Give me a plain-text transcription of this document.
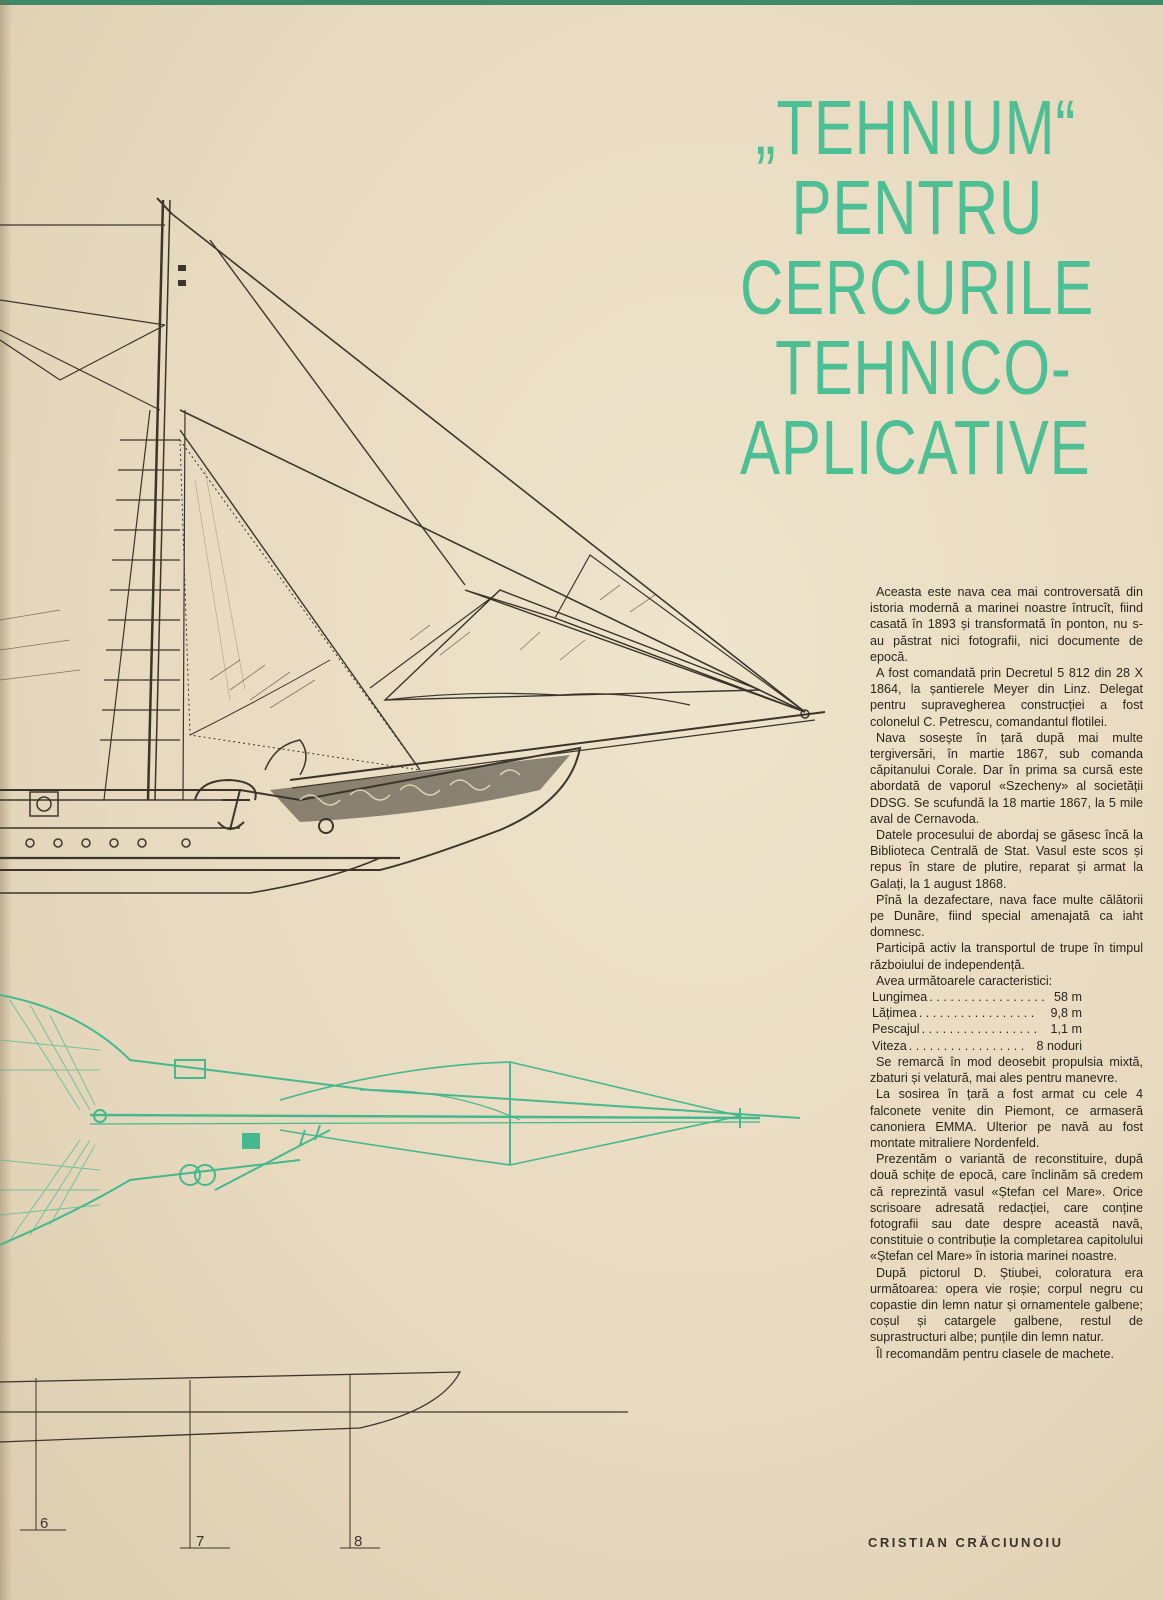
6
7	8
„TEHNIUM“
PENTRU
CERCURILE
TEHNICO-
APLICATIVE

Aceasta este nava cea mai controversată din istoria modernă a marinei noastre întrucît, fiind casată în 1893 și transformată în ponton, nu s-au păstrat nici fotografii, nici documente de epocă.

A fost comandată prin Decretul 5 812 din 28 X 1864, la șantierele Meyer din Linz. Delegat pentru supravegherea construcției a fost colonelul C. Petrescu, comandantul flotilei.

Nava sosește în țară după mai multe tergiversări, în martie 1867, sub comanda căpitanului Corale. Dar în prima sa cursă este abordată de vaporul «Szecheny» al societății DDSG. Se scufundă la 18 martie 1867, la 5 mile aval de Cernavoda.

Datele procesului de abordaj se găsesc încă la Biblioteca Centrală de Stat. Vasul este scos și repus în stare de plutire, reparat și armat la Galați, la 1 august 1868.

Pînă la dezafectare, nava face multe călătorii pe Dunăre, fiind special amenajată ca iaht domnesc.

Participă activ la transportul de trupe în timpul războiului de independență.

Avea următoarele caracteristici:

Lungimea . . . . . . . . . . . . . . . . . 58 m
Lățimea . . . . . . . . . . . . . . . . .	9,8 m
Pescajul . . . . . . . . . . . . . . . . .	1,1 m
Viteza . . . . . . . . . . . . . . . . . 8 noduri

Se remarcă în mod deosebit propulsia mixtă, zbaturi și velatură, mai ales pentru manevre.

La sosirea în țară a fost armat cu cele 4 falconete venite din Piemont, ce armaseră canoniera EMMA. Ulterior pe navă au fost montate mitraliere Nordenfeld.

Prezentăm o variantă de reconstituire, după două schițe de epocă, care înclinăm să credem că reprezintă vasul «Ștefan cel Mare». Orice scrisoare adresată redacției, care conține fotografii sau date despre această navă, constituie o contribuție la completarea capitolului «Ștefan cel Mare» în istoria marinei noastre.

După pictorul D. Știubei, coloratura era următoarea: opera vie roșie; corpul negru cu copastie din lemn natur și ornamentele galbene; coșul și catargele galbene, restul de suprastructuri albe; punțile din lemn natur.

Îl recomandăm pentru clasele de machete.

CRISTIAN CRĂCIUNOIU
